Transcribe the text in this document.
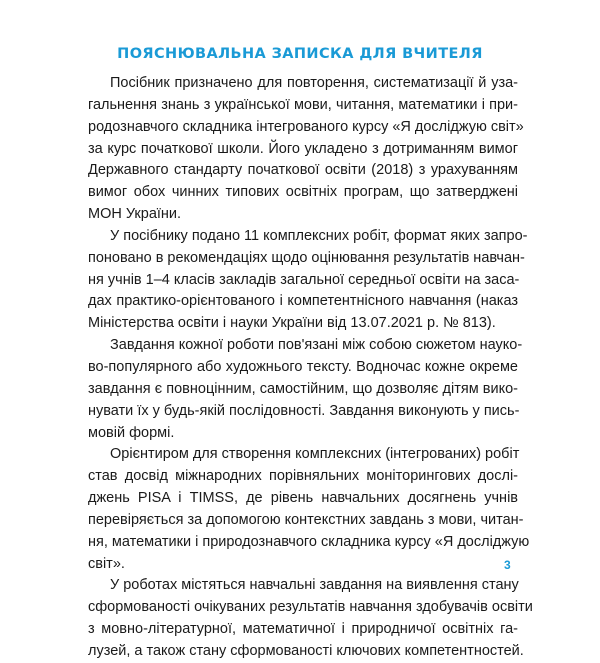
ПОЯСНЮВАЛЬНА ЗАПИСКА ДЛЯ ВЧИТЕЛЯ
Посібник призначено для повторення, систематизації й уза-
гальнення знань з української мови, читання, математики і при-
родознавчого складника інтегрованого курсу «Я досліджую світ»
за курс початкової школи. Його укладено з дотриманням вимог
Державного стандарту початкової освіти (2018) з урахуванням
вимог обох чинних типових освітніх програм, що затверджені
МОН України.
У посібнику подано 11 комплексних робіт, формат яких запро-
поновано в рекомендаціях щодо оцінювання результатів навчан-
ня учнів 1–4 класів закладів загальної середньої освіти на заса-
дах практико-орієнтованого і компетентнісного навчання (наказ
Міністерства освіти і науки України від 13.07.2021 р. № 813).
Завдання кожної роботи пов'язані між собою сюжетом науко-
во-популярного або художнього тексту. Водночас кожне окреме
завдання є повноцінним, самостійним, що дозволяє дітям вико-
нувати їх у будь-якій послідовності. Завдання виконують у пись-
мовій формі.
Орієнтиром для створення комплексних (інтегрованих) робіт
став досвід міжнародних порівняльних моніторингових дослі-
джень PISA і TIMSS, де рівень навчальних досягнень учнів
перевіряється за допомогою контекстних завдань з мови, читан-
ня, математики і природознавчого складника курсу «Я досліджую
світ».
У роботах містяться навчальні завдання на виявлення стану
сформованості очікуваних результатів навчання здобувачів освіти
з мовно-літературної, математичної і природничої освітніх га-
лузей, а також стану сформованості ключових компетентностей.
3
